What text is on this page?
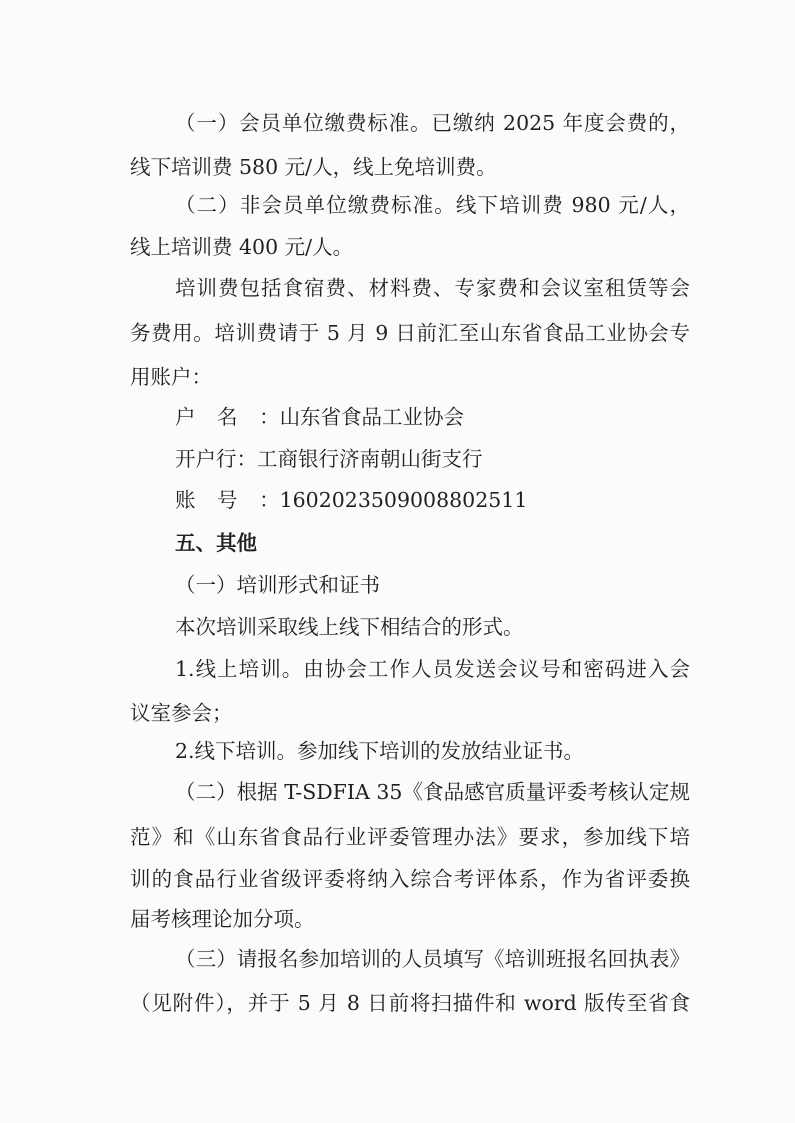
（一）会员单位缴费标准。已缴纳 2025 年度会费的，
线下培训费 580 元/人，线上免培训费。
（二）非会员单位缴费标准。线下培训费 980 元/人，
线上培训费 400 元/人。
培训费包括食宿费、材料费、专家费和会议室租赁等会
务费用。培训费请于 5 月 9 日前汇至山东省食品工业协会专
用账户：
户名：山东省食品工业协会
开户行：工商银行济南朝山街支行
账号：1602023509008802511
五、其他
（一）培训形式和证书
本次培训采取线上线下相结合的形式。
1.线上培训。由协会工作人员发送会议号和密码进入会
议室参会；
2.线下培训。参加线下培训的发放结业证书。
（二）根据 T-SDFIA 35《食品感官质量评委考核认定规
范》和《山东省食品行业评委管理办法》要求，参加线下培
训的食品行业省级评委将纳入综合考评体系，作为省评委换
届考核理论加分项。
（三）请报名参加培训的人员填写《培训班报名回执表》
（见附件），并于 5 月 8 日前将扫描件和 word 版传至省食
